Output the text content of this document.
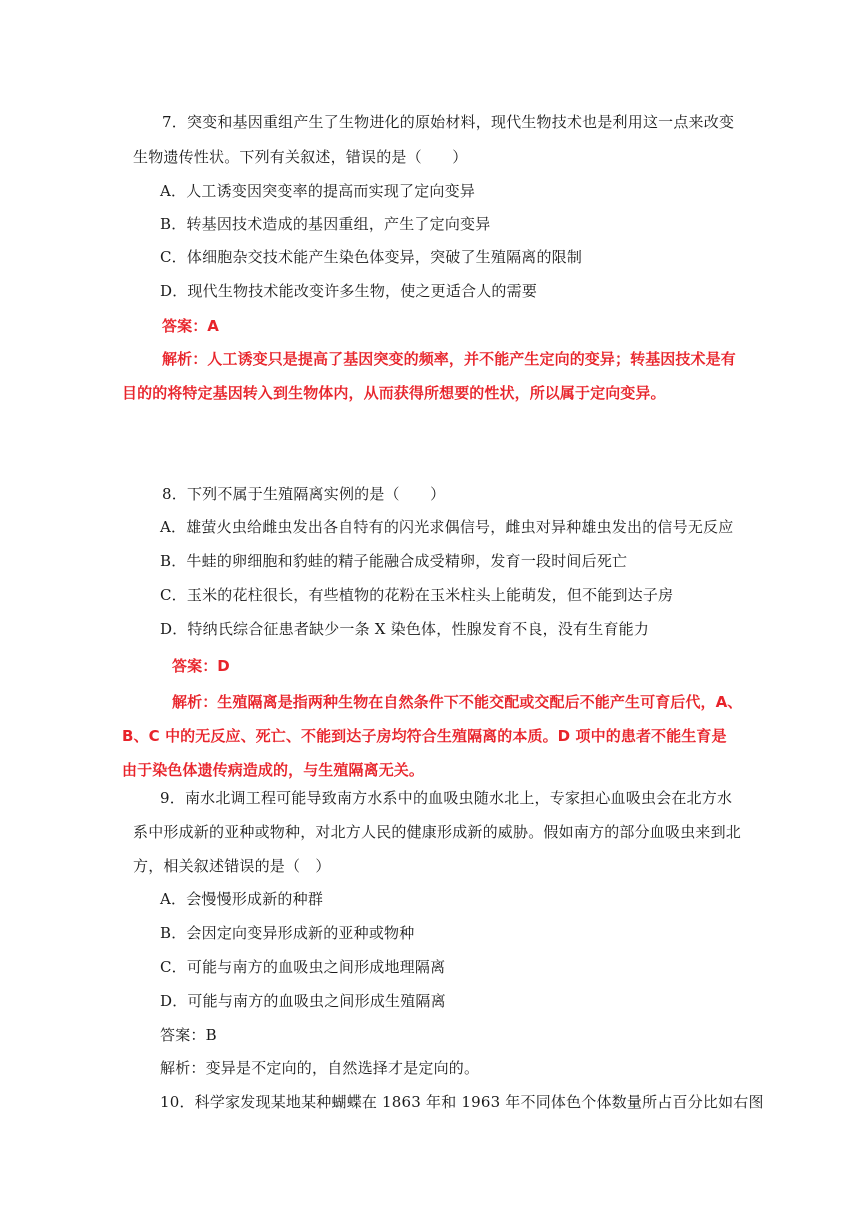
7．突变和基因重组产生了生物进化的原始材料，现代生物技术也是利用这一点来改变
生物遗传性状。下列有关叙述，错误的是（　　）
A．人工诱变因突变率的提高而实现了定向变异
B．转基因技术造成的基因重组，产生了定向变异
C．体细胞杂交技术能产生染色体变异，突破了生殖隔离的限制
D．现代生物技术能改变许多生物，使之更适合人的需要
答案：A
解析：人工诱变只是提高了基因突变的频率，并不能产生定向的变异；转基因技术是有
目的的将特定基因转入到生物体内，从而获得所想要的性状，所以属于定向变异。
8．下列不属于生殖隔离实例的是（　　）
A．雄萤火虫给雌虫发出各自特有的闪光求偶信号，雌虫对异种雄虫发出的信号无反应
B．牛蛙的卵细胞和豹蛙的精子能融合成受精卵，发育一段时间后死亡
C．玉米的花柱很长，有些植物的花粉在玉米柱头上能萌发，但不能到达子房
D．特纳氏综合征患者缺少一条 X 染色体，性腺发育不良，没有生育能力
答案：D
解析：生殖隔离是指两种生物在自然条件下不能交配或交配后不能产生可育后代，A、
B、C 中的无反应、死亡、不能到达子房均符合生殖隔离的本质。D 项中的患者不能生育是
由于染色体遗传病造成的，与生殖隔离无关。
9．南水北调工程可能导致南方水系中的血吸虫随水北上，专家担心血吸虫会在北方水
系中形成新的亚种或物种，对北方人民的健康形成新的威胁。假如南方的部分血吸虫来到北
方，相关叙述错误的是（　）
A．会慢慢形成新的种群
B．会因定向变异形成新的亚种或物种
C．可能与南方的血吸虫之间形成地理隔离
D．可能与南方的血吸虫之间形成生殖隔离
答案：B
解析：变异是不定向的，自然选择才是定向的。
10．科学家发现某地某种蝴蝶在 1863 年和 1963 年不同体色个体数量所占百分比如右图
